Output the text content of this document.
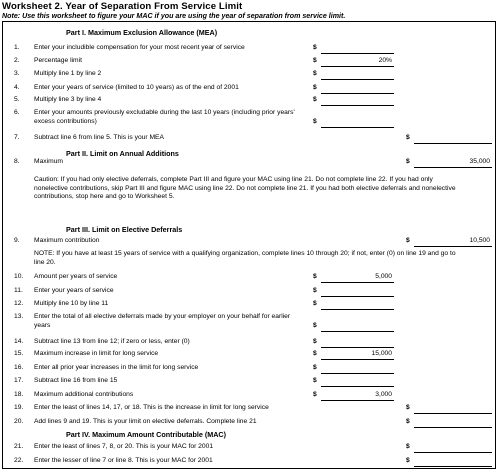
Worksheet 2. Year of Separation From Service Limit
Note: Use this worksheet to figure your MAC if you are using the year of separation from service limit.
Part I. Maximum Exclusion Allowance (MEA)
Part II. Limit on Annual Additions
Part III. Limit on Elective Deferrals
Part IV. Maximum Amount Contributable (MAC)
Caution: If you had only elective deferrals, complete Part III and figure your MAC using line 21. Do not complete line 22. If you had only nonelective contributions, skip Part III and figure MAC using line 22. Do not complete line 21. If you had both elective deferrals and nonelective contributions, stop here and go to Worksheet 5.
NOTE: If you have at least 15 years of service with a qualifying organization, complete lines 10 through 20; if not, enter (0) on line 19 and go to line 20.
1.	Enter your includible compensation for your most recent year of service	$
2.	Percentage limit	$	20%
3.	Multiply line 1 by line 2	$
4.	Enter your years of service (limited to 10 years) as of the end of 2001	$
5.	Multiply line 3 by line 4	$
6.	Enter your amounts previously excludable during the last 10 years (including prior years' excess contributions)	$
7.	Subtract line 6 from line 5. This is your MEA	$
8.	Maximum	$	35,000
9.	Maximum contribution	$	10,500
10.	Amount per years of service	$	5,000
11.	Enter your years of service	$
12.	Multiply line 10 by line 11	$
13.	Enter the total of all elective deferrals made by your employer on your behalf for earlier years	$
14.	Subtract line 13 from line 12; if zero or less, enter (0)	$
15.	Maximum increase in limit for long service	$	15,000
16.	Enter all prior year increases in the limit for long service	$
17.	Subtract line 16 from line 15	$
18.	Maximum additional contributions	$	3,000
19.	Enter the least of lines 14, 17, or 18. This is the increase in limit for long service	$
20.	Add lines 9 and 19. This is your limit on elective deferrals. Complete line 21	$
21.	Enter the least of lines 7, 8, or 20. This is your MAC for 2001	$
22.	Enter the lesser of line 7 or line 8. This is your MAC for 2001	$
